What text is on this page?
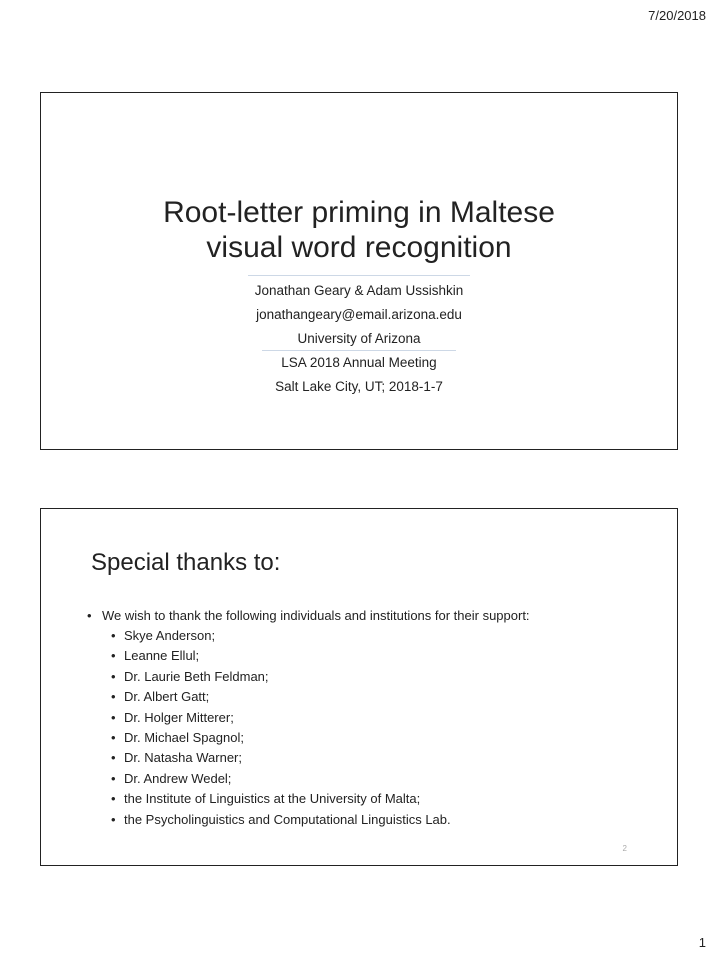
7/20/2018
Root-letter priming in Maltese
visual word recognition
Jonathan Geary & Adam Ussishkin
jonathangeary@email.arizona.edu
University of Arizona
LSA 2018 Annual Meeting
Salt Lake City, UT; 2018-1-7
Special thanks to:
• We wish to thank the following individuals and institutions for their support:
• Skye Anderson;
• Leanne Ellul;
• Dr. Laurie Beth Feldman;
• Dr. Albert Gatt;
• Dr. Holger Mitterer;
• Dr. Michael Spagnol;
• Dr. Natasha Warner;
• Dr. Andrew Wedel;
• the Institute of Linguistics at the University of Malta;
• the Psycholinguistics and Computational Linguistics Lab.
2
1
